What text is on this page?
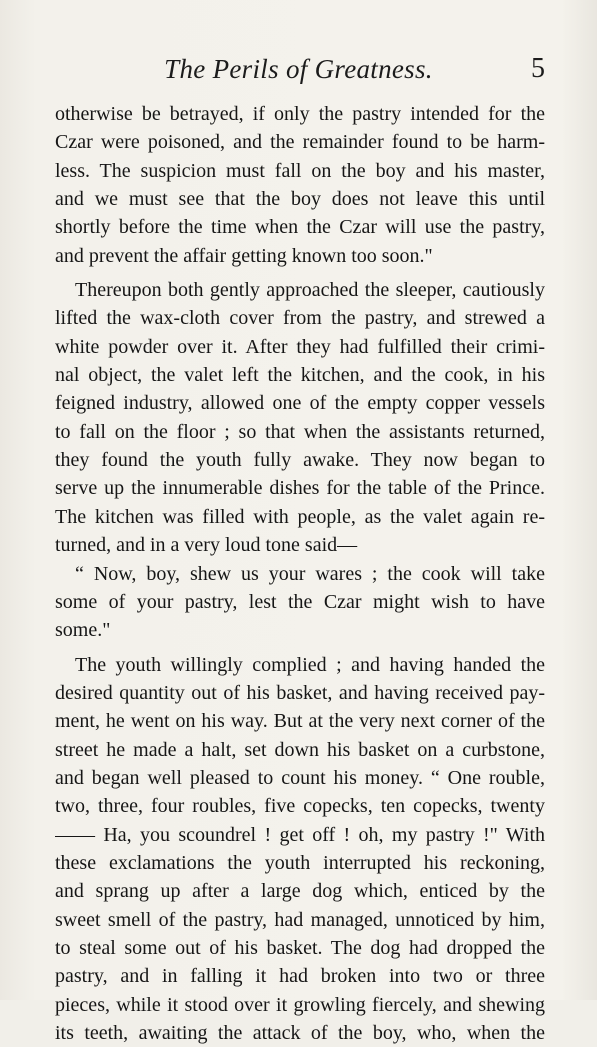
The Perils of Greatness.	5
otherwise be betrayed, if only the pastry intended for the
Czar were poisoned, and the remainder found to be harm-
less. The suspicion must fall on the boy and his master,
and we must see that the boy does not leave this until
shortly before the time when the Czar will use the pastry,
and prevent the affair getting known too soon."
Thereupon both gently approached the sleeper, cautiously
lifted the wax-cloth cover from the pastry, and strewed a
white powder over it. After they had fulfilled their crimi-
nal object, the valet left the kitchen, and the cook, in his
feigned industry, allowed one of the empty copper vessels
to fall on the floor ; so that when the assistants returned,
they found the youth fully awake. They now began to
serve up the innumerable dishes for the table of the Prince.
The kitchen was filled with people, as the valet again re-
turned, and in a very loud tone said—
“ Now, boy, shew us your wares ; the cook will take
some of your pastry, lest the Czar might wish to have
some."
The youth willingly complied ; and having handed the
desired quantity out of his basket, and having received pay-
ment, he went on his way. But at the very next corner of the
street he made a halt, set down his basket on a curbstone,
and began well pleased to count his money. “ One rouble,
two, three, four roubles, five copecks, ten copecks, twenty
—— Ha, you scoundrel ! get off ! oh, my pastry !" With
these exclamations the youth interrupted his reckoning,
and sprang up after a large dog which, enticed by the
sweet smell of the pastry, had managed, unnoticed by him,
to steal some out of his basket. The dog had dropped the
pastry, and in falling it had broken into two or three
pieces, while it stood over it growling fiercely, and shewing
its teeth, awaiting the attack of the boy, who, when the
